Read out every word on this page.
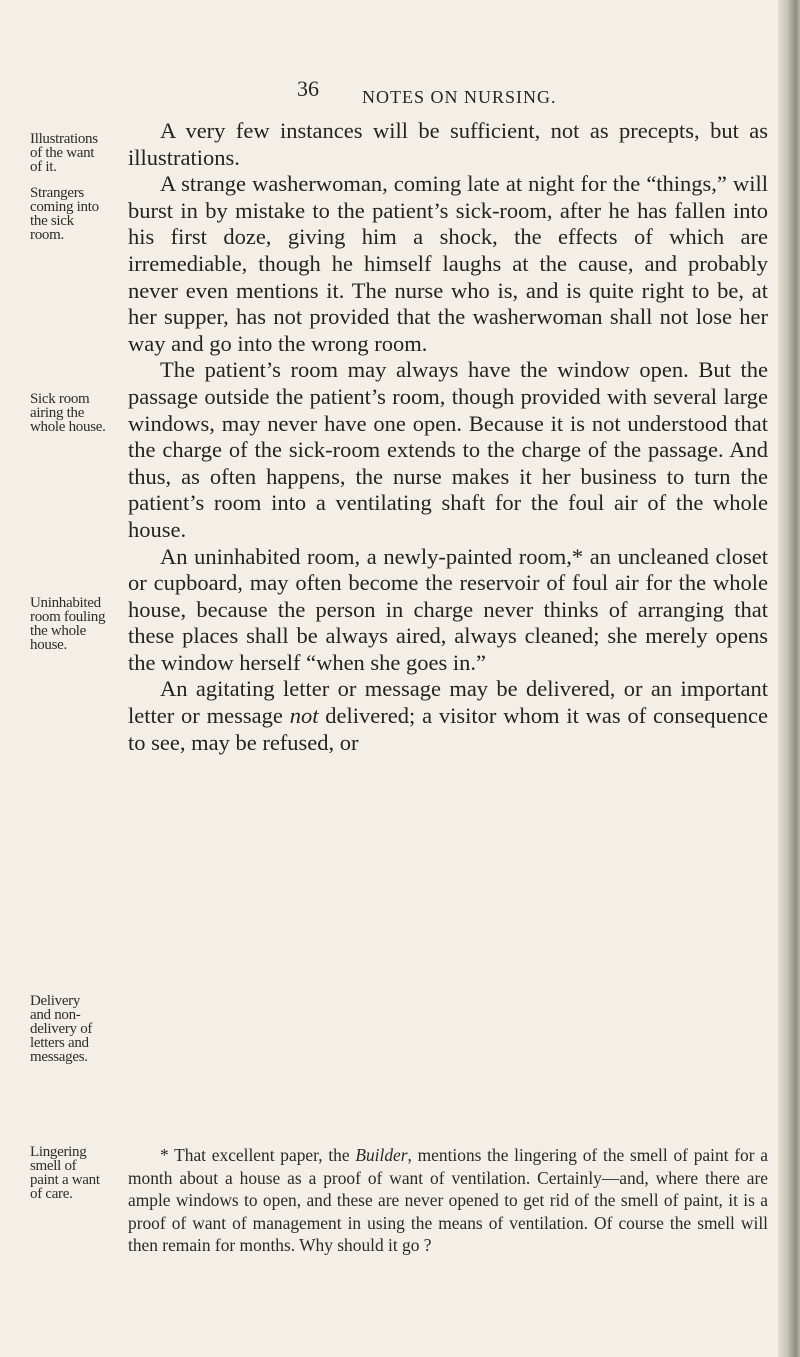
36 NOTES ON NURSING.
Illustrations
of the want
of it.
Strangers
coming into
the sick
room.
Sick room
airing the
whole house.
Uninhabited
room fouling
the whole
house.
Delivery
and non-
delivery of
letters and
messages.
Lingering
smell of
paint a want
of care.

A very few instances will be sufficient, not as precepts, but as illustrations.

A strange washerwoman, coming late at night for the “things,” will burst in by mistake to the patient’s sick-room, after he has fallen into his first doze, giving him a shock, the effects of which are irremediable, though he himself laughs at the cause, and probably never even mentions it. The nurse who is, and is quite right to be, at her supper, has not provided that the washerwoman shall not lose her way and go into the wrong room.

The patient’s room may always have the window open. But the passage outside the patient’s room, though provided with several large windows, may never have one open. Because it is not understood that the charge of the sick-room extends to the charge of the passage. And thus, as often happens, the nurse makes it her business to turn the patient’s room into a ventilating shaft for the foul air of the whole house.

An uninhabited room, a newly-painted room,* an uncleaned closet or cupboard, may often become the reservoir of foul air for the whole house, because the person in charge never thinks of arranging that these places shall be always aired, always cleaned; she merely opens the window herself “when she goes in.”

An agitating letter or message may be delivered, or an important letter or message not delivered; a visitor whom it was of consequence to see, may be refused, or

* That excellent paper, the Builder, mentions the lingering of the smell of paint for a month about a house as a proof of want of ventilation. Certainly—and, where there are ample windows to open, and these are never opened to get rid of the smell of paint, it is a proof of want of management in using the means of ventilation. Of course the smell will then remain for months. Why should it go ?
